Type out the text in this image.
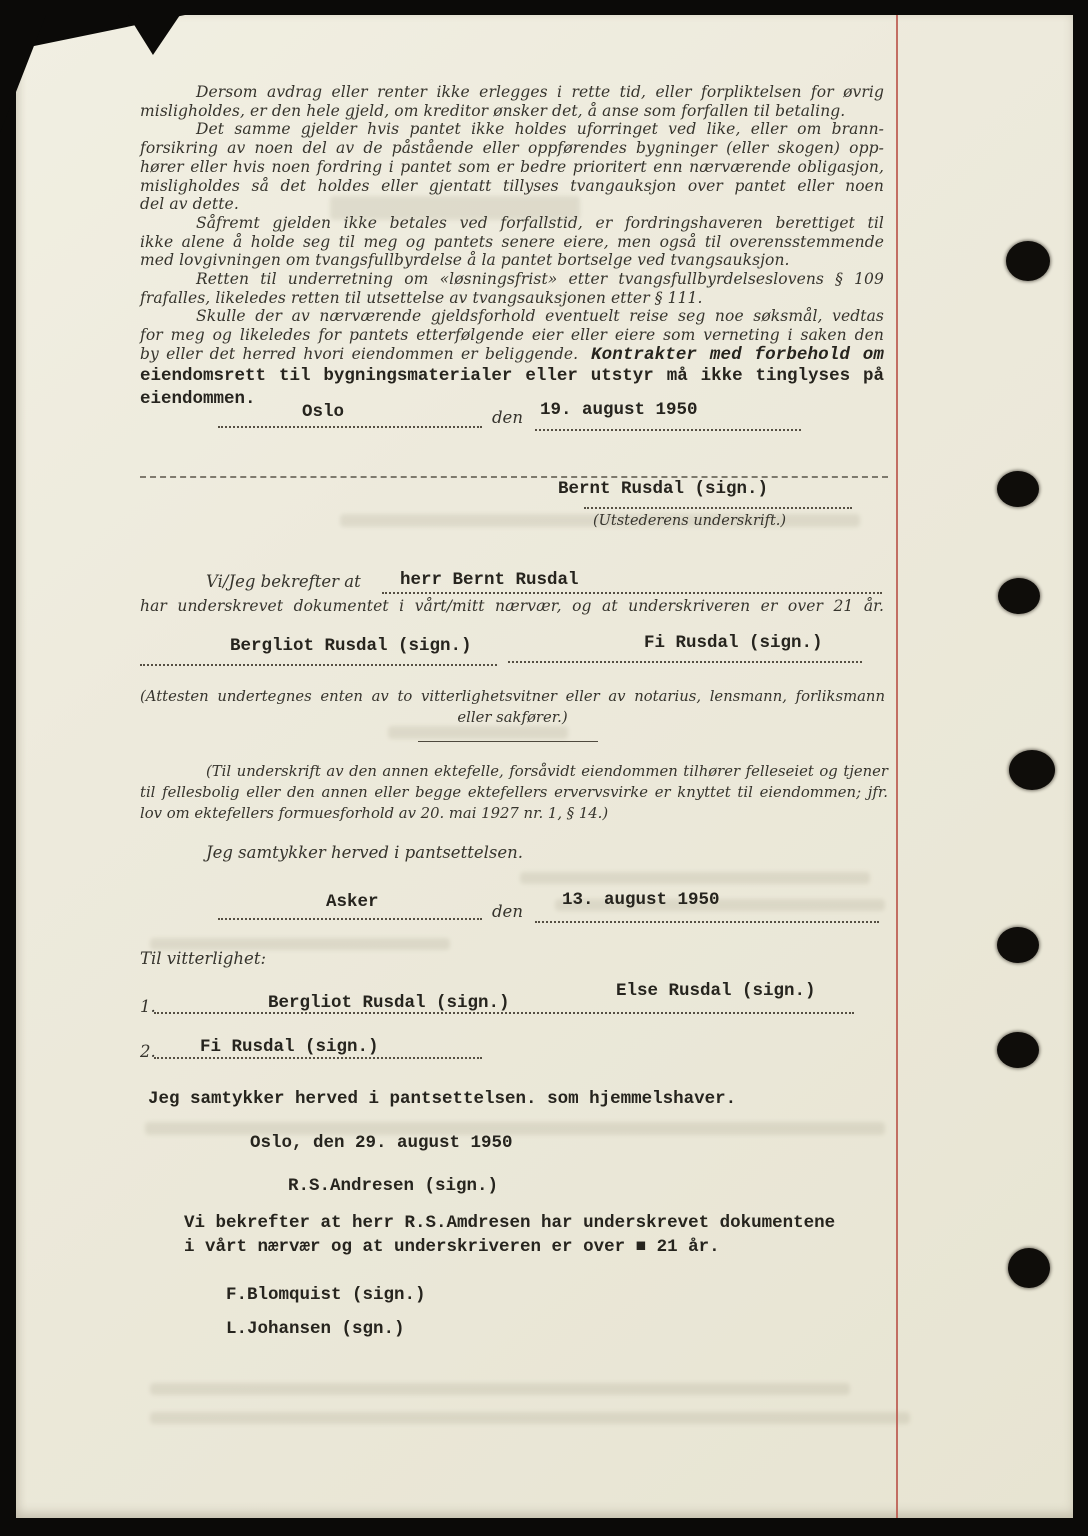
Dersom avdrag eller renter ikke erlegges i rette tid, eller forpliktelsen for øvrig
misligholdes, er den hele gjeld, om kreditor ønsker det, å anse som forfallen til betaling.
Det samme gjelder hvis pantet ikke holdes uforringet ved like, eller om brann-
forsikring av noen del av de påstående eller oppførendes bygninger (eller skogen) opp-
hører eller hvis noen fordring i pantet som er bedre prioritert enn nærværende obligasjon,
misligholdes så det holdes eller gjentatt tillyses tvangauksjon over pantet eller noen
del av dette.
Såfremt gjelden ikke betales ved forfallstid, er fordringshaveren berettiget til
ikke alene å holde seg til meg og pantets senere eiere, men også til overensstemmende
med lovgivningen om tvangsfullbyrdelse å la pantet bortselge ved tvangsauksjon.
Retten til underretning om «løsningsfrist» etter tvangsfullbyrdelseslovens § 109
frafalles, likeledes retten til utsettelse av tvangsauksjonen etter § 111.
Skulle der av nærværende gjeldsforhold eventuelt reise seg noe søksmål, vedtas
for meg og likeledes for pantets etterfølgende eier eller eiere som verneting i saken den
by eller det herred hvori eiendommen er beliggende. Kontrakter med forbehold om
eiendomsrett til bygningsmaterialer eller utstyr må ikke tinglyses på
eiendommen.
Oslo	den 19. august 1950
Bernt Rusdal (sign.)
(Utstederens underskrift.)
Vi/Jeg bekrefter at herr Bernt Rusdal
har underskrevet dokumentet i vårt/mitt nærvær, og at underskriveren er over 21 år.
Bergliot Rusdal (sign.)	Fi Rusdal (sign.)
(Attesten undertegnes enten av to vitterlighetsvitner eller av notarius, lensmann, forliksmann
eller sakfører.)
(Til underskrift av den annen ektefelle, forsåvidt eiendommen tilhører felleseiet og tjener
til fellesbolig eller den annen eller begge ektefellers ervervsvirke er knyttet til eiendommen; jfr.
lov om ektefellers formuesforhold av 20. mai 1927 nr. 1, § 14.)
Jeg samtykker herved i pantsettelsen.
Asker	den
13. august 1950
Til vitterlighet:
Else Rusdal (sign.)
1.	Bergliot Rusdal (sign.)
2.	Fi Rusdal (sign.)
Jeg samtykker herved i pantsettelsen. som hjemmelshaver.
Oslo, den 29. august 1950
R.S.Andresen (sign.)
Vi bekrefter at herr R.S.Amdresen har underskrevet dokumentene
i vårt nærvær og at underskriveren er over ■ 21 år.
F.Blomquist (sign.)
L.Johansen (sgn.)
